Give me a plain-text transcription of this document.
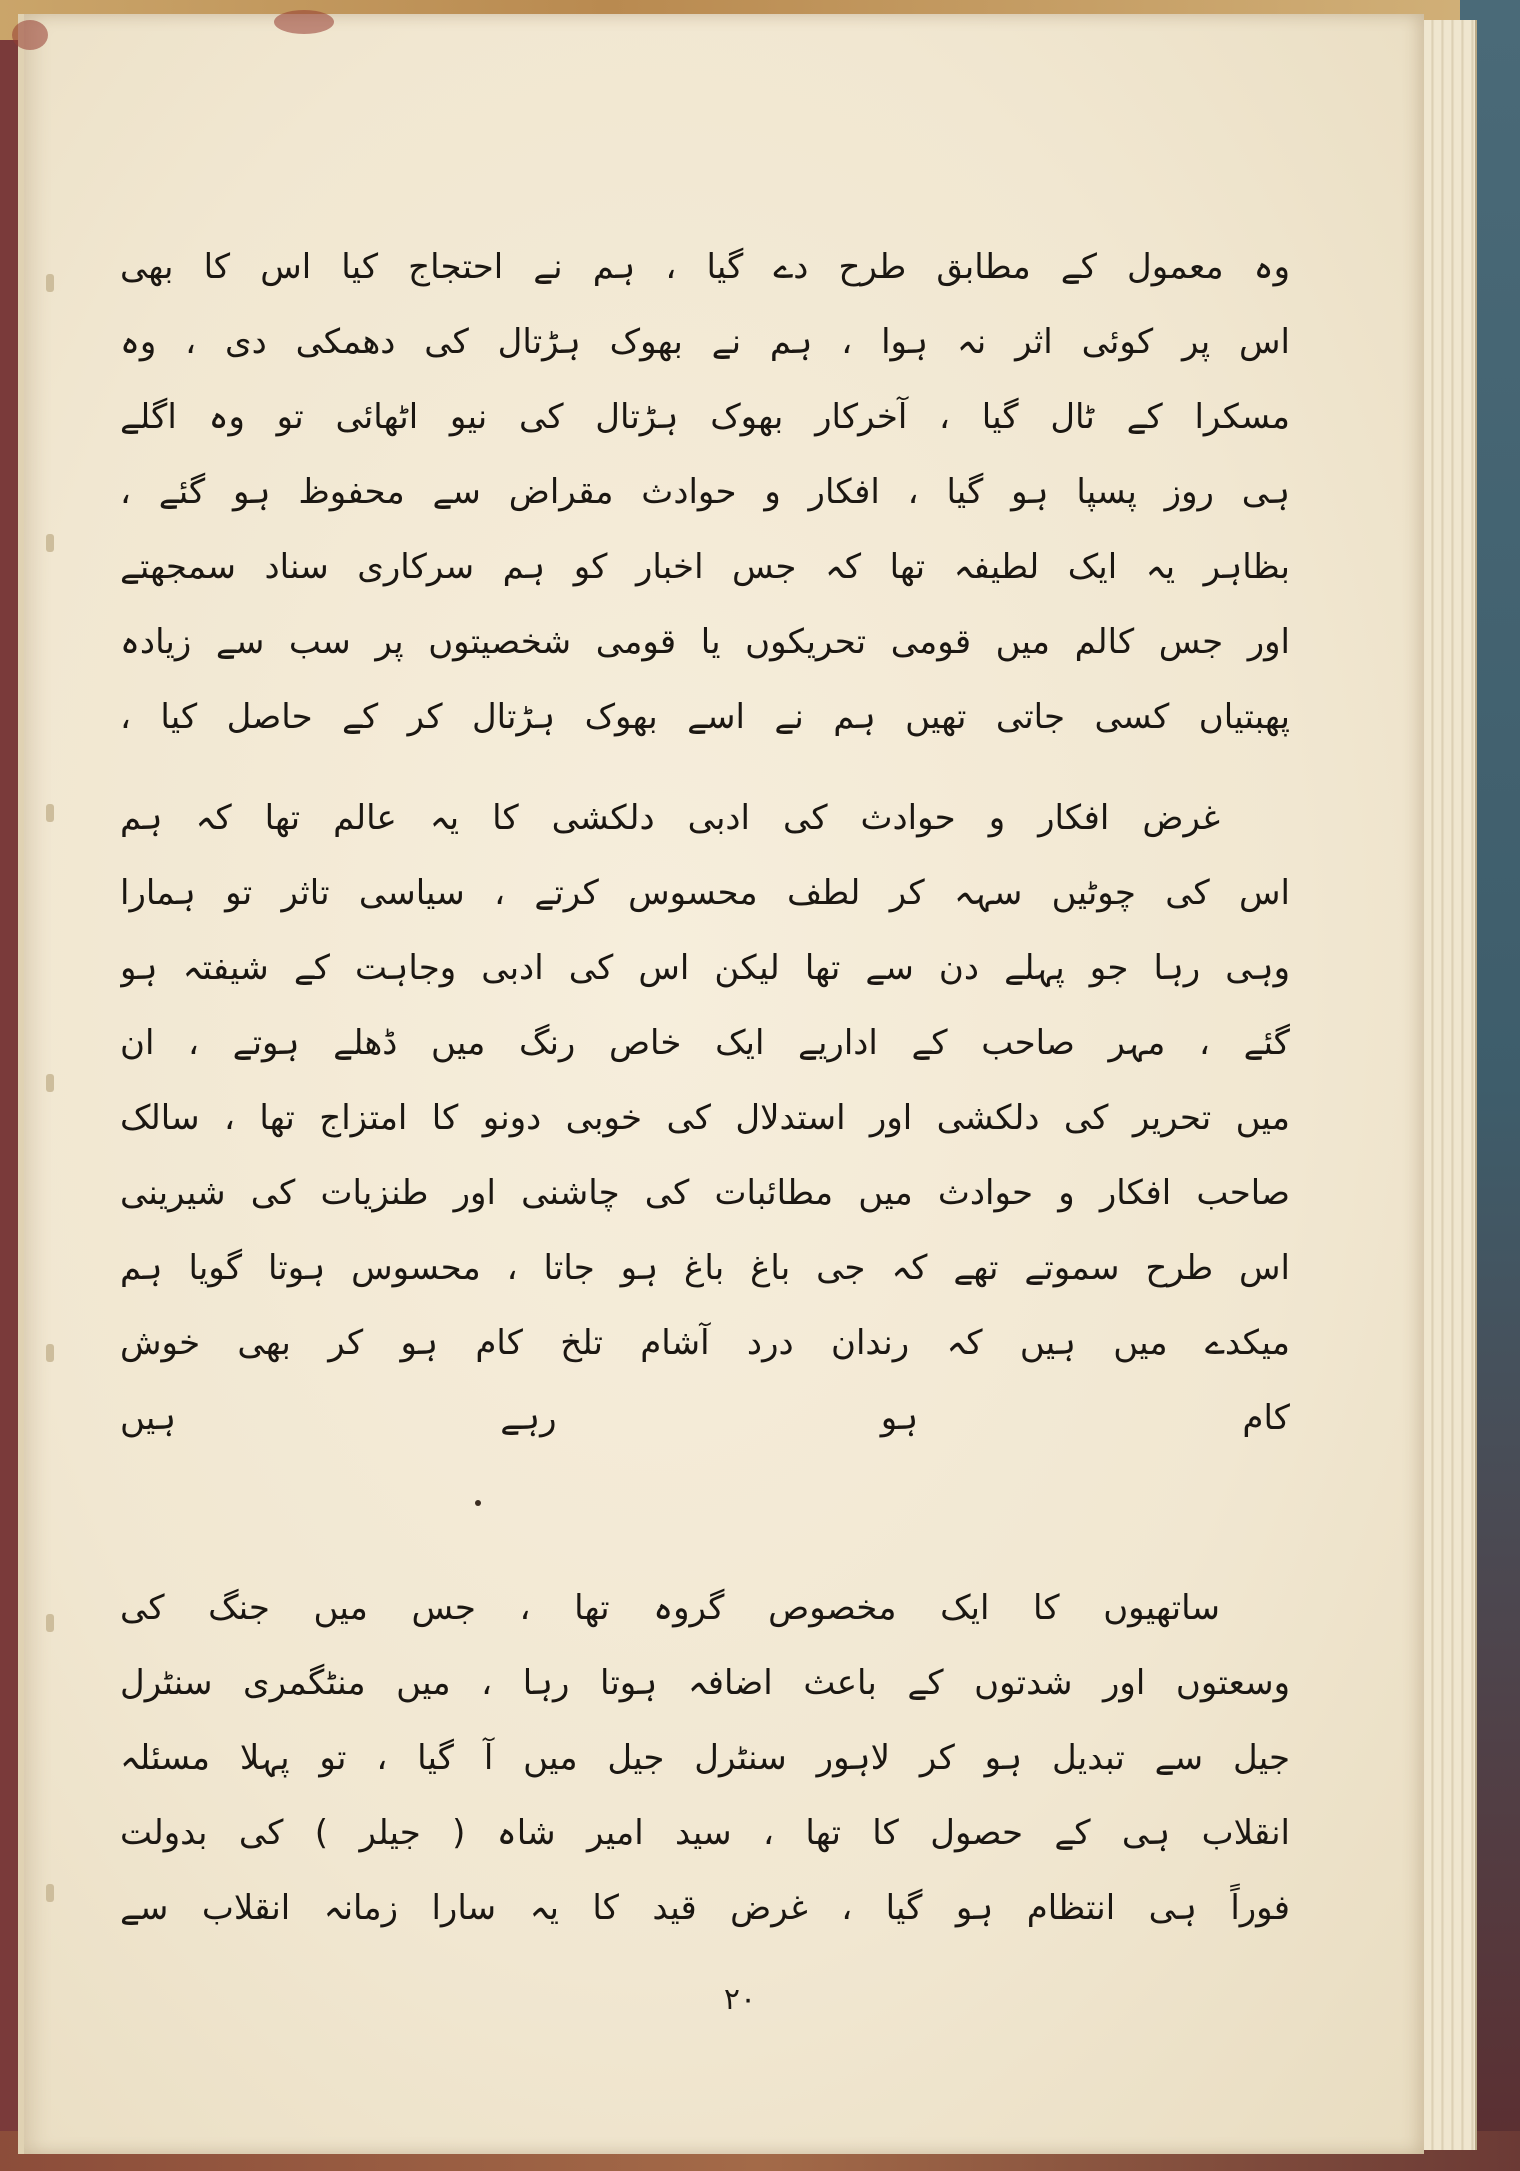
وہ معمول کے مطابق طرح دے گیا ، ہم نے احتجاج کیا اس کا بھی
اس پر کوئی اثر نہ ہوا ، ہم نے بھوک ہڑتال کی دھمکی دی ، وہ
مسکرا کے ٹال گیا ، آخرکار بھوک ہڑتال کی نیو اٹھائی تو وہ اگلے
ہی روز پسپا ہو گیا ، افکار و حوادث مقراض سے محفوظ ہو گئے ،
بظاہر یہ ایک لطیفہ تھا کہ جس اخبار کو ہم سرکاری سناد سمجھتے
اور جس کالم میں قومی تحریکوں یا قومی شخصیتوں پر سب سے زیادہ
پھبتیاں کسی جاتی تھیں ہم نے اسے بھوک ہڑتال کر کے حاصل کیا ،
غرض افکار و حوادث کی ادبی دلکشی کا یہ عالم تھا کہ ہم
اس کی چوٹیں سہہ کر لطف محسوس کرتے ، سیاسی تاثر تو ہمارا
وہی رہا جو پہلے دن سے تھا لیکن اس کی ادبی وجاہت کے شیفتہ ہو
گئے ، مہر صاحب کے اداریے ایک خاص رنگ میں ڈھلے ہوتے ، ان
میں تحریر کی دلکشی اور استدلال کی خوبی دونو کا امتزاج تھا ، سالک
صاحب افکار و حوادث میں مطائبات کی چاشنی اور طنزیات کی شیرینی
اس طرح سموتے تھے کہ جی باغ باغ ہو جاتا ، محسوس ہوتا گویا ہم
میکدے میں ہیں کہ رندان درد آشام تلخ کام ہو کر بھی خوش
کام ہو رہے ہیں
ساتھیوں کا ایک مخصوص گروہ تھا ، جس میں جنگ کی
وسعتوں اور شدتوں کے باعث اضافہ ہوتا رہا ، میں منٹگمری سنٹرل
جیل سے تبدیل ہو کر لاہور سنٹرل جیل میں آ گیا ، تو پہلا مسئلہ
انقلاب ہی کے حصول کا تھا ، سید امیر شاہ ( جیلر ) کی بدولت
فوراً ہی انتظام ہو گیا ، غرض قید کا یہ سارا زمانہ انقلاب سے
۲۰
